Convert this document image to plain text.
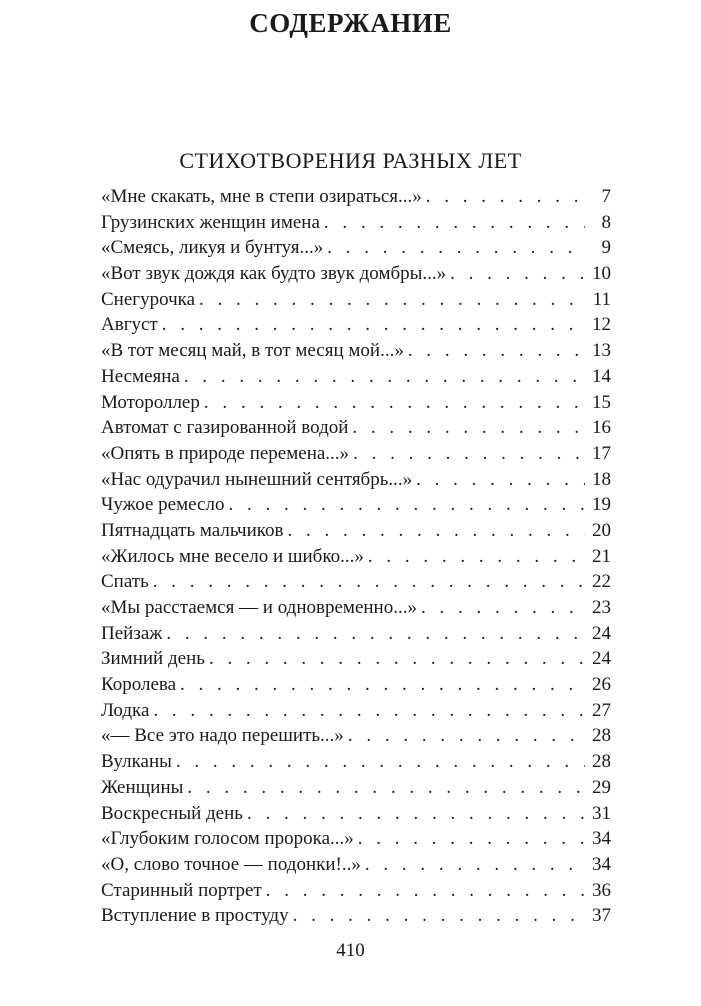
СОДЕРЖАНИЕ
СТИХОТВОРЕНИЯ РАЗНЫХ ЛЕТ
«Мне скакать, мне в степи озираться...» . . .	7
Грузинских женщин имена . . .	8
«Смеясь, ликуя и бунтуя...» . . .	9
«Вот звук дождя как будто звук домбры...» . . .	10
Снегурочка . . .	11
Август . . .	12
«В тот месяц май, в тот месяц мой...» . . .	13
Несмеяна . . .	14
Мотороллер . . .	15
Автомат с газированной водой . . .	16
«Опять в природе перемена...» . . .	17
«Нас одурачил нынешний сентябрь...» . . .	18
Чужое ремесло . . .	19
Пятнадцать мальчиков . . .	20
«Жилось мне весело и шибко...» . . .	21
Спать . . .	22
«Мы расстаемся — и одновременно...» . . .	23
Пейзаж . . .	24
Зимний день . . .	24
Королева . . .	26
Лодка . . .	27
«— Все это надо перешить...» . . .	28
Вулканы . . .	28
Женщины . . .	29
Воскресный день . . .	31
«Глубоким голосом пророка...» . . .	34
«О, слово точное — подонки!..» . . .	34
Старинный портрет . . .	36
Вступление в простуду . . .	37
410
